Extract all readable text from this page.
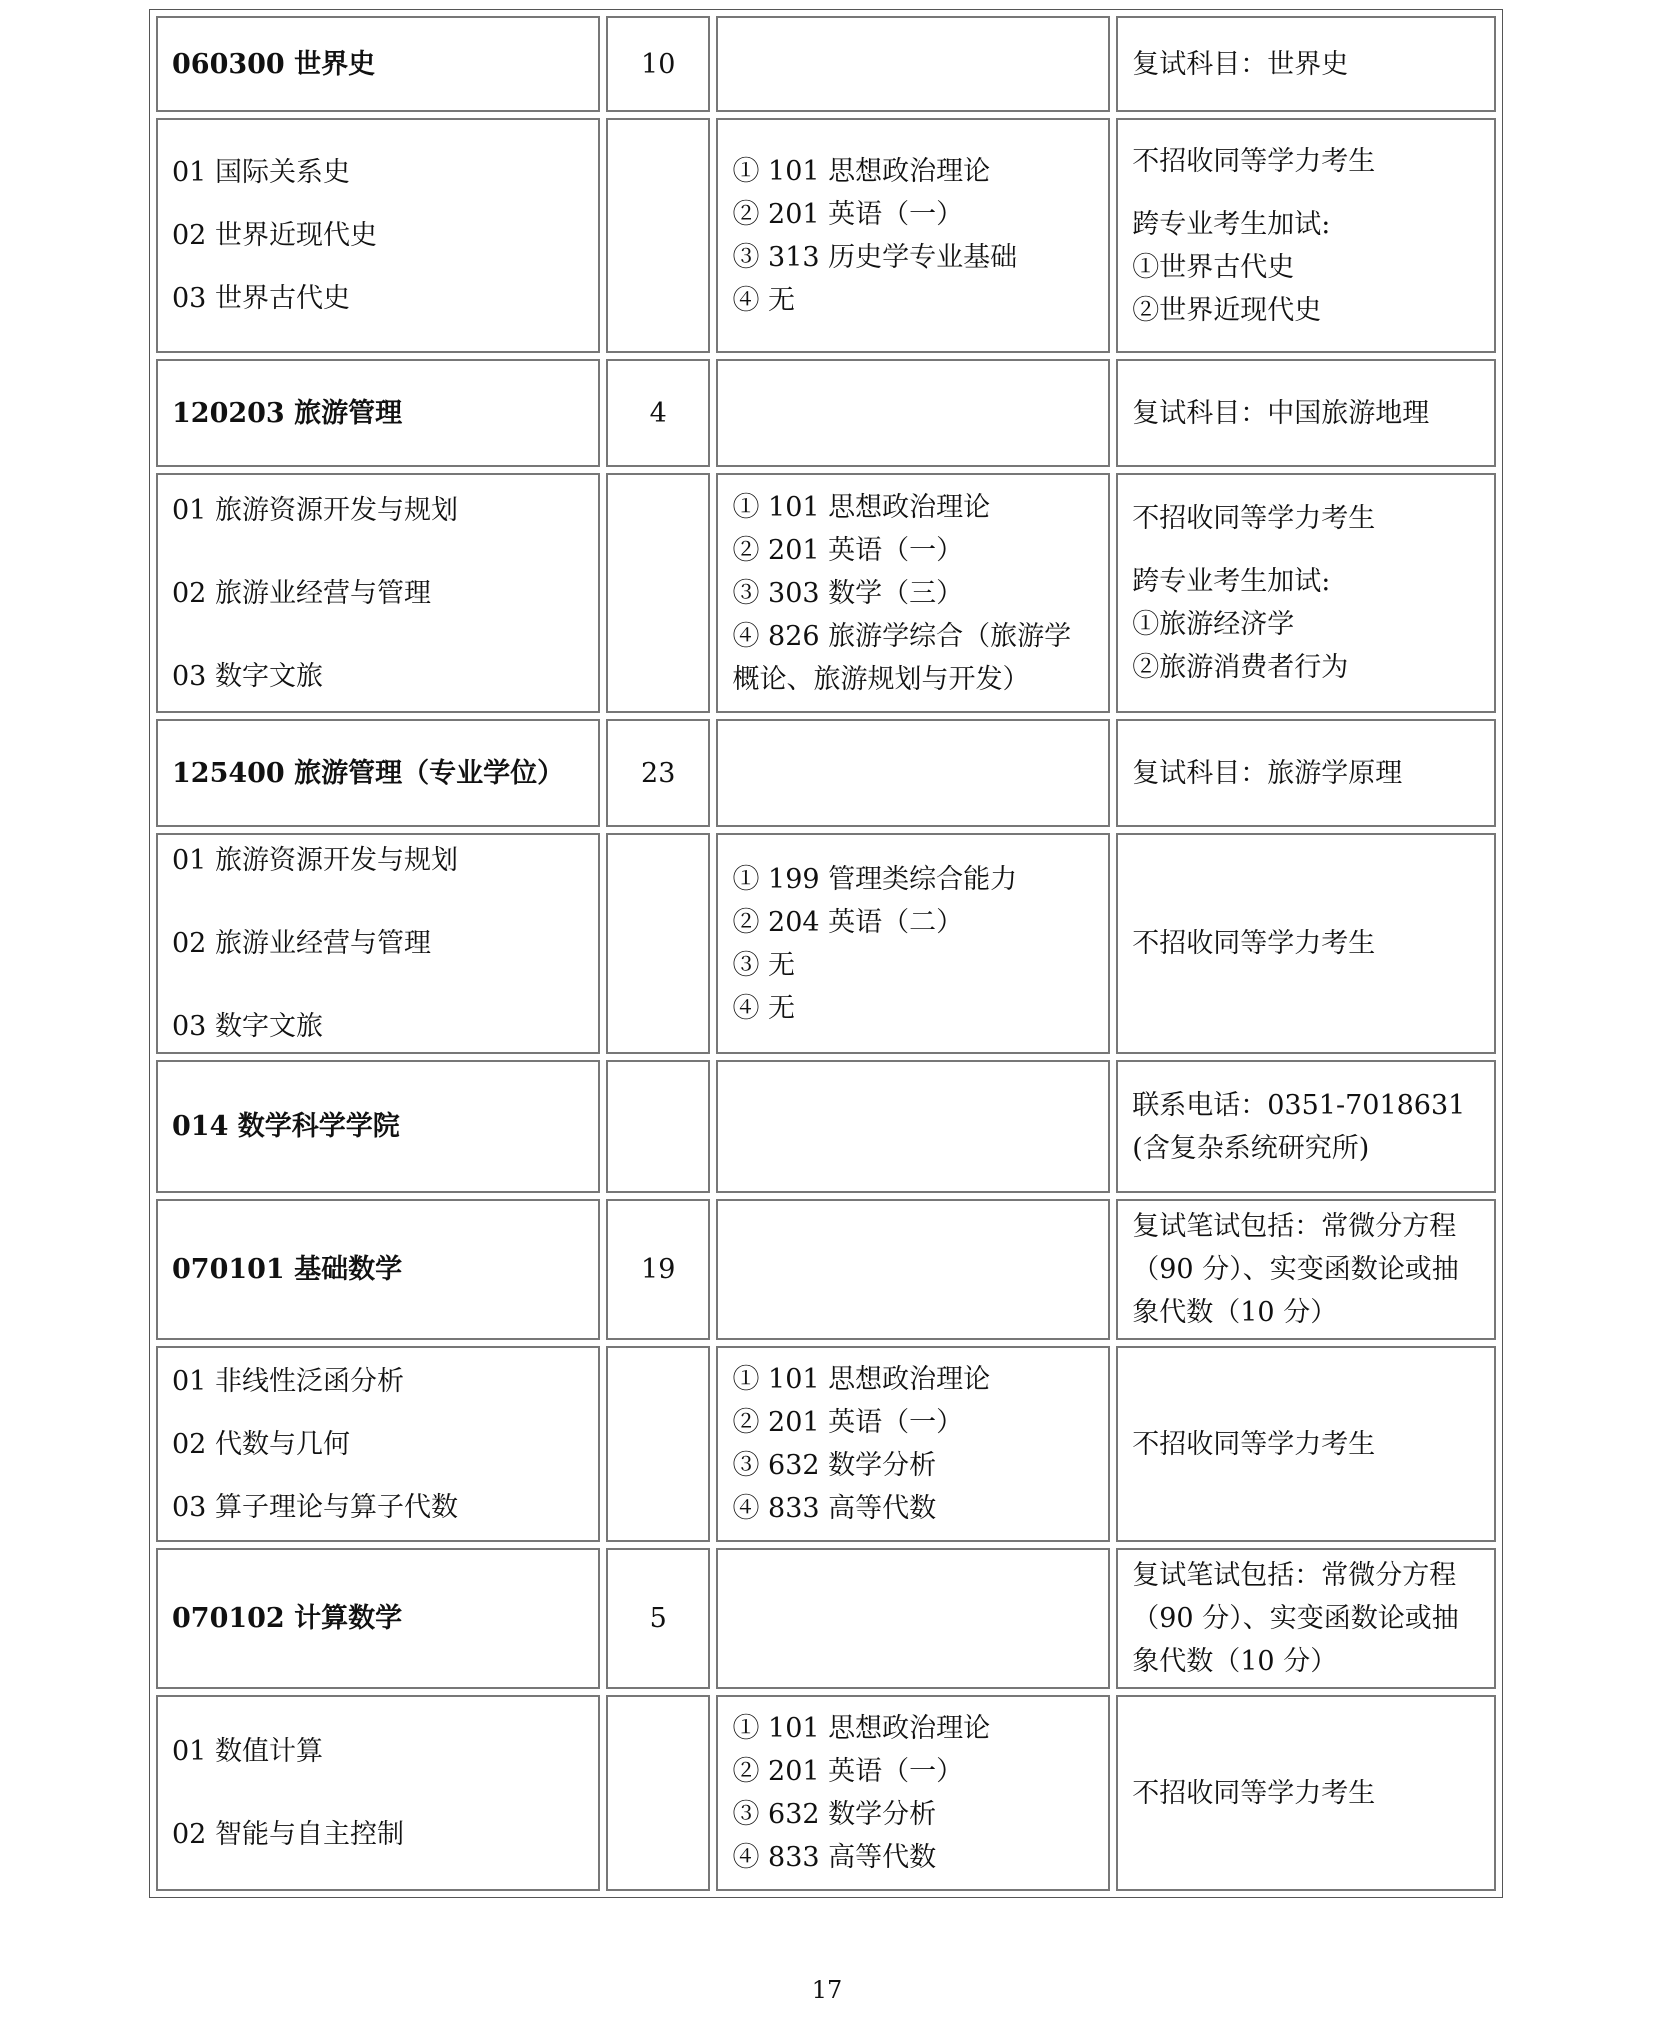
060300 世界史	10		复试科目：世界史

01 国际关系史
02 世界近现代史
03 世界古代史		① 101 思想政治理论
② 201 英语（一）
③ 313 历史学专业基础
④ 无	不招收同等学力考生
跨专业考生加试:
①世界古代史
②世界近现代史

120203 旅游管理	4		复试科目：中国旅游地理

01 旅游资源开发与规划
02 旅游业经营与管理
03 数字文旅		① 101 思想政治理论
② 201 英语（一）
③ 303 数学（三）
④ 826 旅游学综合（旅游学
概论、旅游规划与开发）	不招收同等学力考生
跨专业考生加试:
①旅游经济学
②旅游消费者行为

125400 旅游管理（专业学位）	23		复试科目：旅游学原理

01 旅游资源开发与规划
02 旅游业经营与管理
03 数字文旅		① 199 管理类综合能力
② 204 英语（二）
③ 无
④ 无	不招收同等学力考生

014 数学科学学院			联系电话：0351-7018631
(含复杂系统研究所)

070101 基础数学	19		复试笔试包括：常微分方程
（90 分）、实变函数论或抽
象代数（10 分）

01 非线性泛函分析
02 代数与几何
03 算子理论与算子代数		① 101 思想政治理论
② 201 英语（一）
③ 632 数学分析
④ 833 高等代数	不招收同等学力考生

070102 计算数学	5		复试笔试包括：常微分方程
（90 分）、实变函数论或抽
象代数（10 分）

01 数值计算
02 智能与自主控制		① 101 思想政治理论
② 201 英语（一）
③ 632 数学分析
④ 833 高等代数	不招收同等学力考生
17
